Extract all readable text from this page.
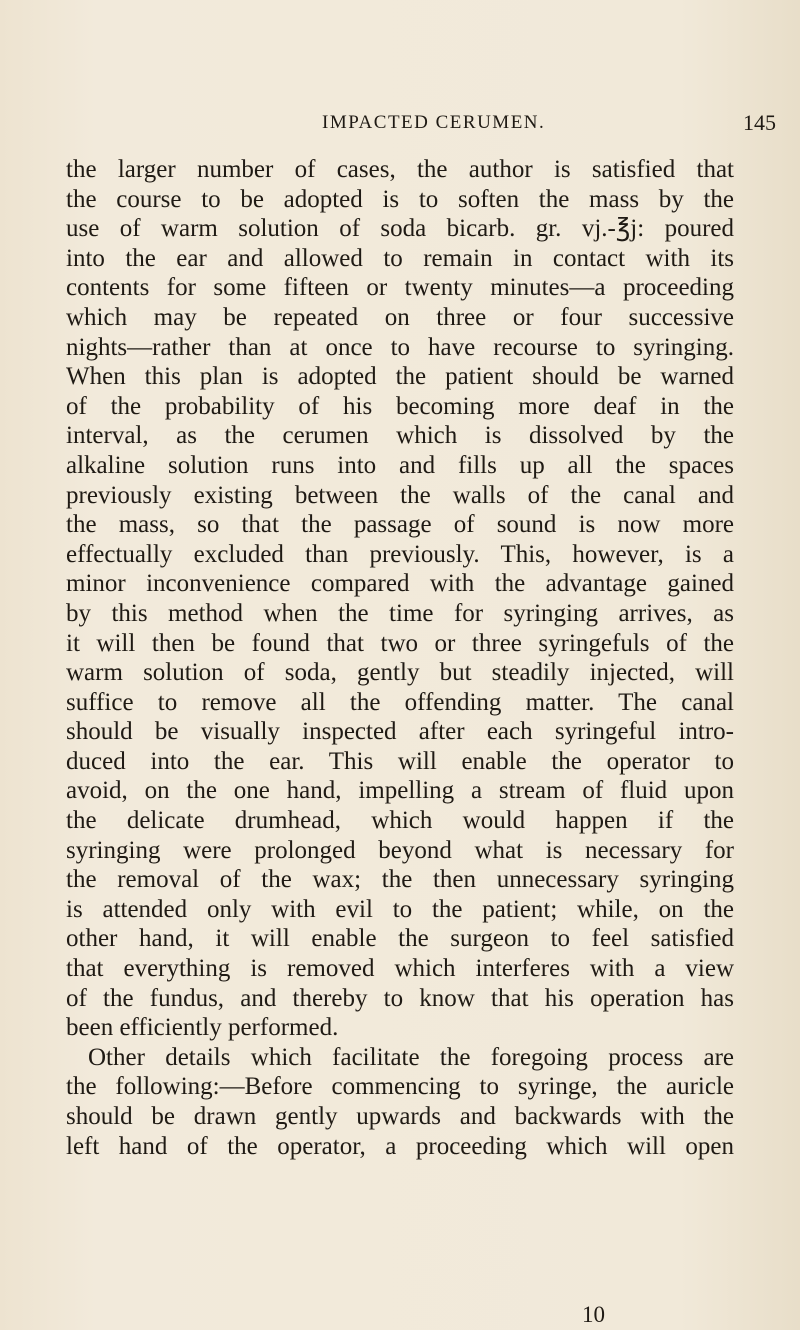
IMPACTED CERUMEN.	145
the larger number of cases, the author is satisfied that
the course to be adopted is to soften the mass by the
use of warm solution of soda bicarb. gr. vj.-℥j: poured
into the ear and allowed to remain in contact with its
contents for some fifteen or twenty minutes—a proceeding
which may be repeated on three or four successive
nights—rather than at once to have recourse to syringing.
When this plan is adopted the patient should be warned
of the probability of his becoming more deaf in the
interval, as the cerumen which is dissolved by the
alkaline solution runs into and fills up all the spaces
previously existing between the walls of the canal and
the mass, so that the passage of sound is now more
effectually excluded than previously. This, however, is a
minor inconvenience compared with the advantage gained
by this method when the time for syringing arrives, as
it will then be found that two or three syringefuls of the
warm solution of soda, gently but steadily injected, will
suffice to remove all the offending matter. The canal
should be visually inspected after each syringeful intro-
duced into the ear. This will enable the operator to
avoid, on the one hand, impelling a stream of fluid upon
the delicate drumhead, which would happen if the
syringing were prolonged beyond what is necessary for
the removal of the wax; the then unnecessary syringing
is attended only with evil to the patient; while, on the
other hand, it will enable the surgeon to feel satisfied
that everything is removed which interferes with a view
of the fundus, and thereby to know that his operation has
been efficiently performed.
Other details which facilitate the foregoing process are
the following:—Before commencing to syringe, the auricle
should be drawn gently upwards and backwards with the
left hand of the operator, a proceeding which will open
10
